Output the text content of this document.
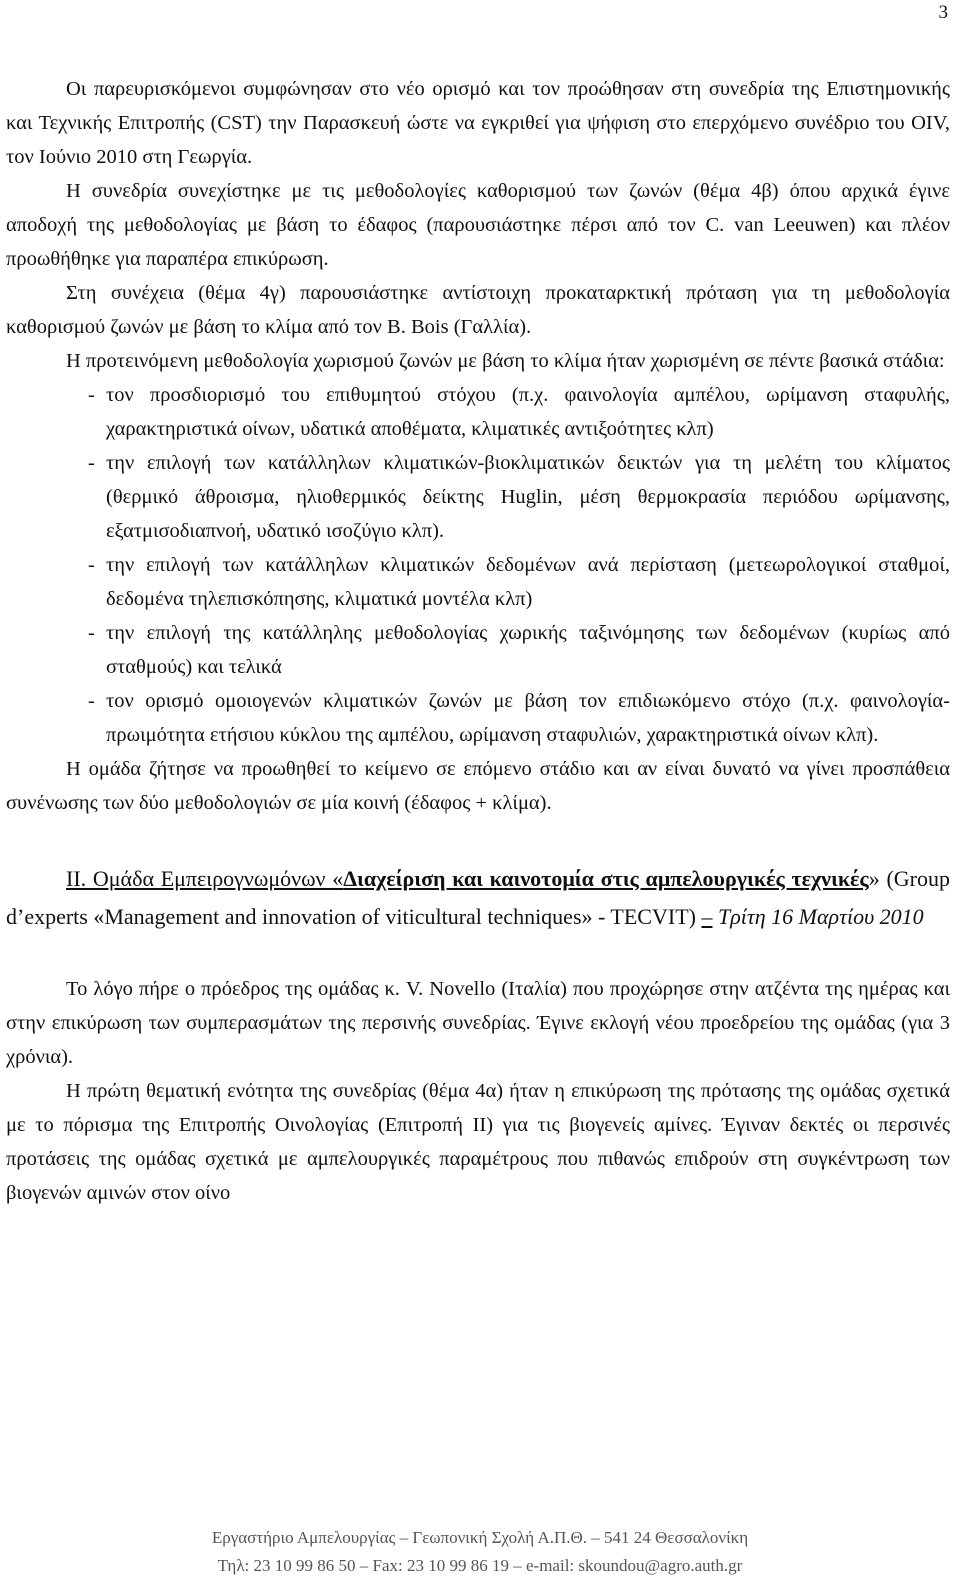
3

Οι παρευρισκόμενοι συμφώνησαν στο νέο ορισμό και τον προώθησαν στη συνεδρία της Επιστημονικής και Τεχνικής Επιτροπής (CST) την Παρασκευή ώστε να εγκριθεί για ψήφιση στο επερχόμενο συνέδριο του OIV, τον Ιούνιο 2010 στη Γεωργία.

Η συνεδρία συνεχίστηκε με τις μεθοδολογίες καθορισμού των ζωνών (θέμα 4β) όπου αρχικά έγινε αποδοχή της μεθοδολογίας με βάση το έδαφος (παρουσιάστηκε πέρσι από τον C. van Leeuwen) και πλέον προωθήθηκε για παραπέρα επικύρωση.

Στη συνέχεια (θέμα 4γ) παρουσιάστηκε αντίστοιχη προκαταρκτική πρόταση για τη μεθοδολογία καθορισμού ζωνών με βάση το κλίμα από τον B. Bois (Γαλλία).

Η προτεινόμενη μεθοδολογία χωρισμού ζωνών με βάση το κλίμα ήταν χωρισμένη σε πέντε βασικά στάδια:

- τον προσδιορισμό του επιθυμητού στόχου (π.χ. φαινολογία αμπέλου, ωρίμανση σταφυλής, χαρακτηριστικά οίνων, υδατικά αποθέματα, κλιματικές αντιξοότητες κλπ)
- την επιλογή των κατάλληλων κλιματικών-βιοκλιματικών δεικτών για τη μελέτη του κλίματος (θερμικό άθροισμα, ηλιοθερμικός δείκτης Huglin, μέση θερμοκρασία περιόδου ωρίμανσης, εξατμισοδιαπνοή, υδατικό ισοζύγιο κλπ).
- την επιλογή των κατάλληλων κλιματικών δεδομένων ανά περίσταση (μετεωρολογικοί σταθμοί, δεδομένα τηλεπισκόπησης, κλιματικά μοντέλα κλπ)
- την επιλογή της κατάλληλης μεθοδολογίας χωρικής ταξινόμησης των δεδομένων (κυρίως από σταθμούς) και τελικά
- τον ορισμό ομοιογενών κλιματικών ζωνών με βάση τον επιδιωκόμενο στόχο (π.χ. φαινολογία-πρωιμότητα ετήσιου κύκλου της αμπέλου, ωρίμανση σταφυλιών, χαρακτηριστικά οίνων κλπ).

Η ομάδα ζήτησε να προωθηθεί το κείμενο σε επόμενο στάδιο και αν είναι δυνατό να γίνει προσπάθεια συνένωσης των δύο μεθοδολογιών σε μία κοινή (έδαφος + κλίμα).

ΙΙ. Ομάδα Εμπειρογνωμόνων «Διαχείριση και καινοτομία στις αμπελουργικές τεχνικές» (Group d’experts «Management and innovation of viticultural techniques» - TECVIT) – Τρίτη 16 Μαρτίου 2010

Το λόγο πήρε ο πρόεδρος της ομάδας κ. V. Novello (Ιταλία) που προχώρησε στην ατζέντα της ημέρας και στην επικύρωση των συμπερασμάτων της περσινής συνεδρίας. Έγινε εκλογή νέου προεδρείου της ομάδας (για 3 χρόνια).

Η πρώτη θεματική ενότητα της συνεδρίας (θέμα 4α) ήταν η επικύρωση της πρότασης της ομάδας σχετικά με το πόρισμα της Επιτροπής Οινολογίας (Επιτροπή ΙΙ) για τις βιογενείς αμίνες. Έγιναν δεκτές οι περσινές προτάσεις της ομάδας σχετικά με αμπελουργικές παραμέτρους που πιθανώς επιδρούν στη συγκέντρωση των βιογενών αμινών στον οίνο

Εργαστήριο Αμπελουργίας – Γεωπονική Σχολή Α.Π.Θ. – 541 24 Θεσσαλονίκη
Τηλ: 23 10 99 86 50 – Fax: 23 10 99 86 19 – e-mail: skoundou@agro.auth.gr
